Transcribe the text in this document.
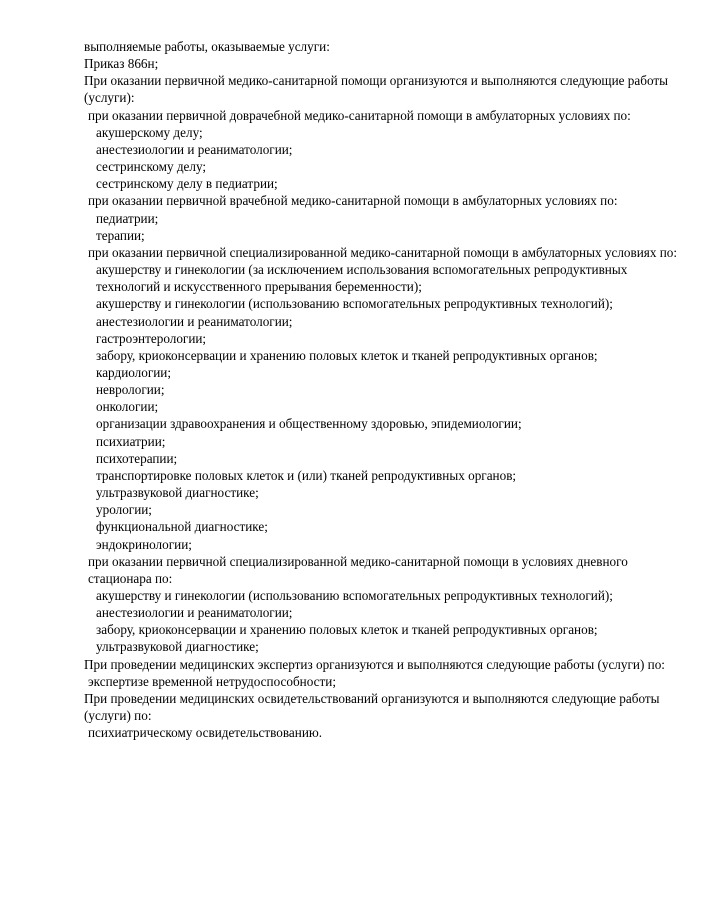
выполняемые работы, оказываемые услуги:

Приказ 866н;

При оказании первичной медико-санитарной помощи организуются и выполняются следующие работы (услуги):

при оказании первичной доврачебной медико-санитарной помощи в амбулаторных условиях по:

акушерскому делу;

анестезиологии и реаниматологии;

сестринскому делу;

сестринскому делу в педиатрии;

при оказании первичной врачебной медико-санитарной помощи в амбулаторных условиях по:

педиатрии;

терапии;

при оказании первичной специализированной медико-санитарной помощи в амбулаторных условиях по:

акушерству и гинекологии (за исключением использования вспомогательных репродуктивных технологий и искусственного прерывания беременности);

акушерству и гинекологии (использованию вспомогательных репродуктивных технологий);

анестезиологии и реаниматологии;

гастроэнтерологии;

забору, криоконсервации и хранению половых клеток и тканей репродуктивных органов;

кардиологии;

неврологии;

онкологии;

организации здравоохранения и общественному здоровью, эпидемиологии;

психиатрии;

психотерапии;

транспортировке половых клеток и (или) тканей репродуктивных органов;

ультразвуковой диагностике;

урологии;

функциональной диагностике;

эндокринологии;

при оказании первичной специализированной медико-санитарной помощи в условиях дневного стационара по:

акушерству и гинекологии (использованию вспомогательных репродуктивных технологий);

анестезиологии и реаниматологии;

забору, криоконсервации и хранению половых клеток и тканей репродуктивных органов;

ультразвуковой диагностике;

При проведении медицинских экспертиз организуются и выполняются следующие работы (услуги) по:

экспертизе временной нетрудоспособности;

При проведении медицинских освидетельствований организуются и выполняются следующие работы (услуги) по:

психиатрическому освидетельствованию.
